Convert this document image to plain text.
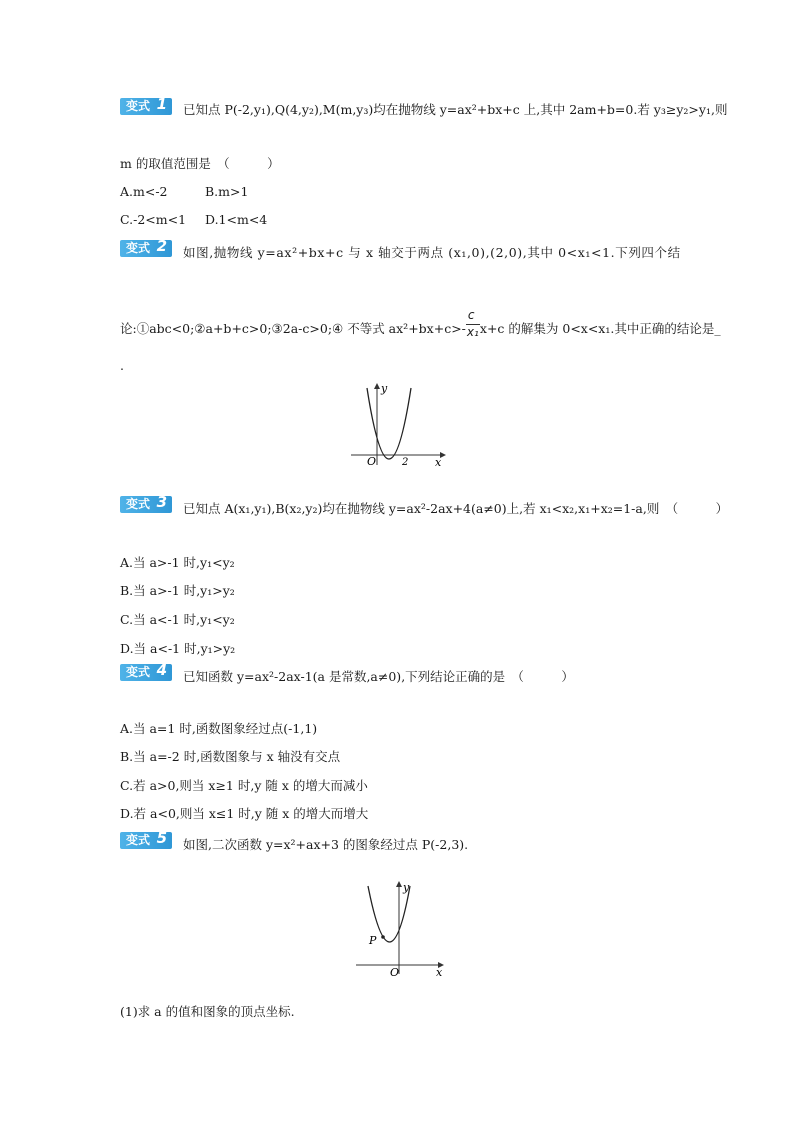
变式 1 已知点 P(-2,y₁),Q(4,y₂),M(m,y₃)均在抛物线 y=ax²+bx+c 上,其中 2am+b=0.若 y₃≥y₂>y₁,则
m 的取值范围是　（　　　）
A.m<-2	B.m>1
C.-2<m<1 D.1<m<4
变式 2 如图,抛物线 y=ax²+bx+c 与 x 轴交于两点 (x₁,0),(2,0),其中 0<x₁<1.下列四个结
论:①abc<0;②a+b+c>0;③2a-c>0;④ 不等式 $ax^2+bx+c>- \frac{c}{\text{x₁}} x+c$ 的解集为 0<x<x₁.其中正确的结论是_
.
y
x
O	2
变式 3 已知点 A(x₁,y₁),B(x₂,y₂)均在抛物线 y=ax²-2ax+4(a≠0)上,若 x₁<x₂,x₁+x₂=1-a,则　（　　　）
A.当 a>-1 时,y₁<y₂
B.当 a>-1 时,y₁>y₂
C.当 a<-1 时,y₁<y₂
D.当 a<-1 时,y₁>y₂
变式 4 已知函数 y=ax²-2ax-1(a 是常数,a≠0),下列结论正确的是　（　　　）
A.当 a=1 时,函数图象经过点(-1,1)
B.当 a=-2 时,函数图象与 x 轴没有交点
C.若 a>0,则当 x≥1 时,y 随 x 的增大而减小
D.若 a<0,则当 x≤1 时,y 随 x 的增大而增大
变式 5 如图,二次函数 y=x²+ax+3 的图象经过点 P(-2,3).
y
x
O
P
(1)求 a 的值和图象的顶点坐标.
